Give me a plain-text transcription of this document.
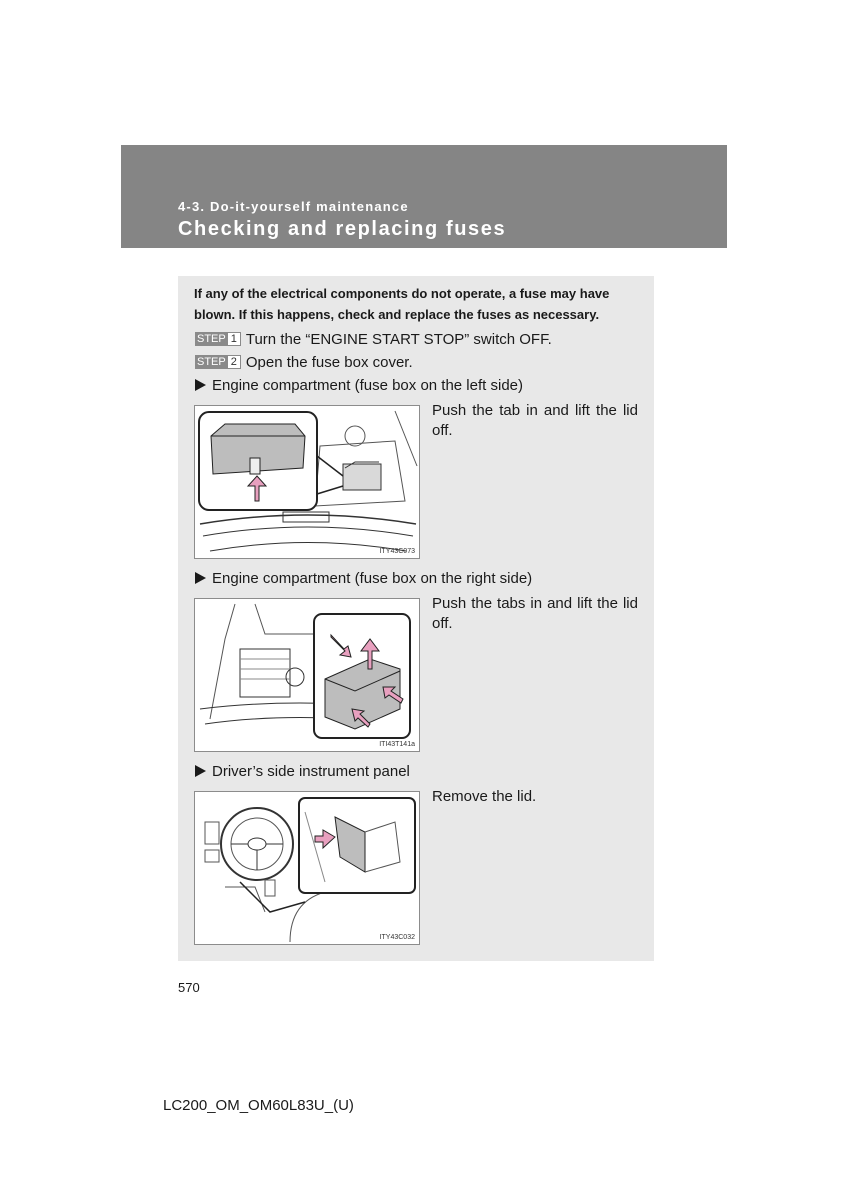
4-3. Do-it-yourself maintenance
Checking and replacing fuses
If any of the electrical components do not operate, a fuse may have blown. If this happens, check and replace the fuses as necessary.
STEP 1 Turn the “ENGINE START STOP” switch OFF.
STEP 2 Open the fuse box cover.
Engine compartment (fuse box on the left side)
ITY43C073
Push the tab in and lift the lid off.
Engine compartment (fuse box on the right side)
ITI43T141a
Push the tabs in and lift the lid off.
Driver’s side instrument panel
ITY43C032
Remove the lid.
570
LC200_OM_OM60L83U_(U)
